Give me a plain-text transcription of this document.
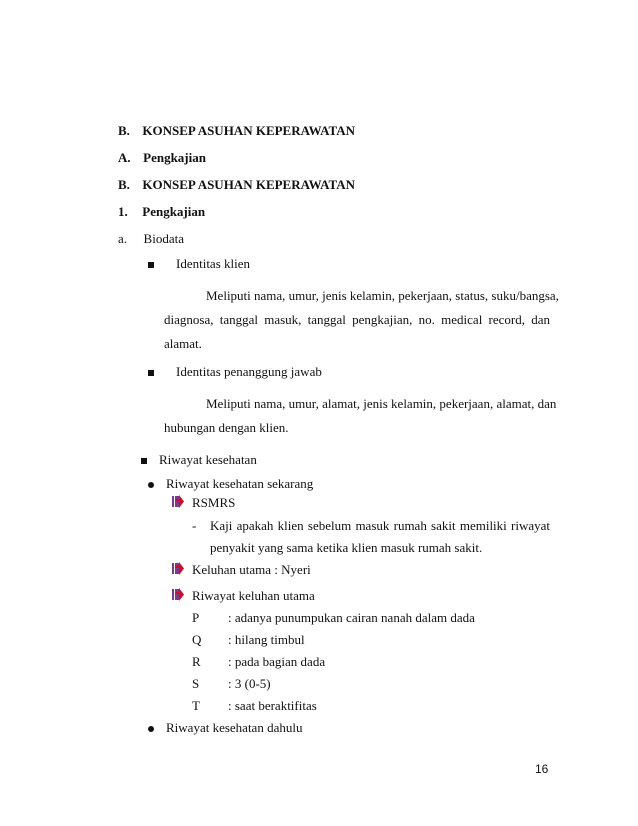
B. KONSEP ASUHAN KEPERAWATAN
A. Pengkajian
B. KONSEP ASUHAN KEPERAWATAN
1. Pengkajian
a. Biodata
Identitas klien
Meliputi nama, umur, jenis kelamin, pekerjaan, status, suku/bangsa,
diagnosa, tanggal masuk, tanggal pengkajian, no. medical record, dan
alamat.
Identitas penanggung jawab
Meliputi nama, umur, alamat, jenis kelamin, pekerjaan, alamat, dan
hubungan dengan klien.
Riwayat kesehatan
Riwayat kesehatan sekarang
RSMRS
- Kaji apakah klien sebelum masuk rumah sakit memiliki riwayat
penyakit yang sama ketika klien masuk rumah sakit.
Keluhan utama : Nyeri
Riwayat keluhan utama
P : adanya punumpukan cairan nanah dalam dada
Q : hilang timbul
R : pada bagian dada
S : 3 (0-5)
T : saat beraktifitas
Riwayat kesehatan dahulu
16
